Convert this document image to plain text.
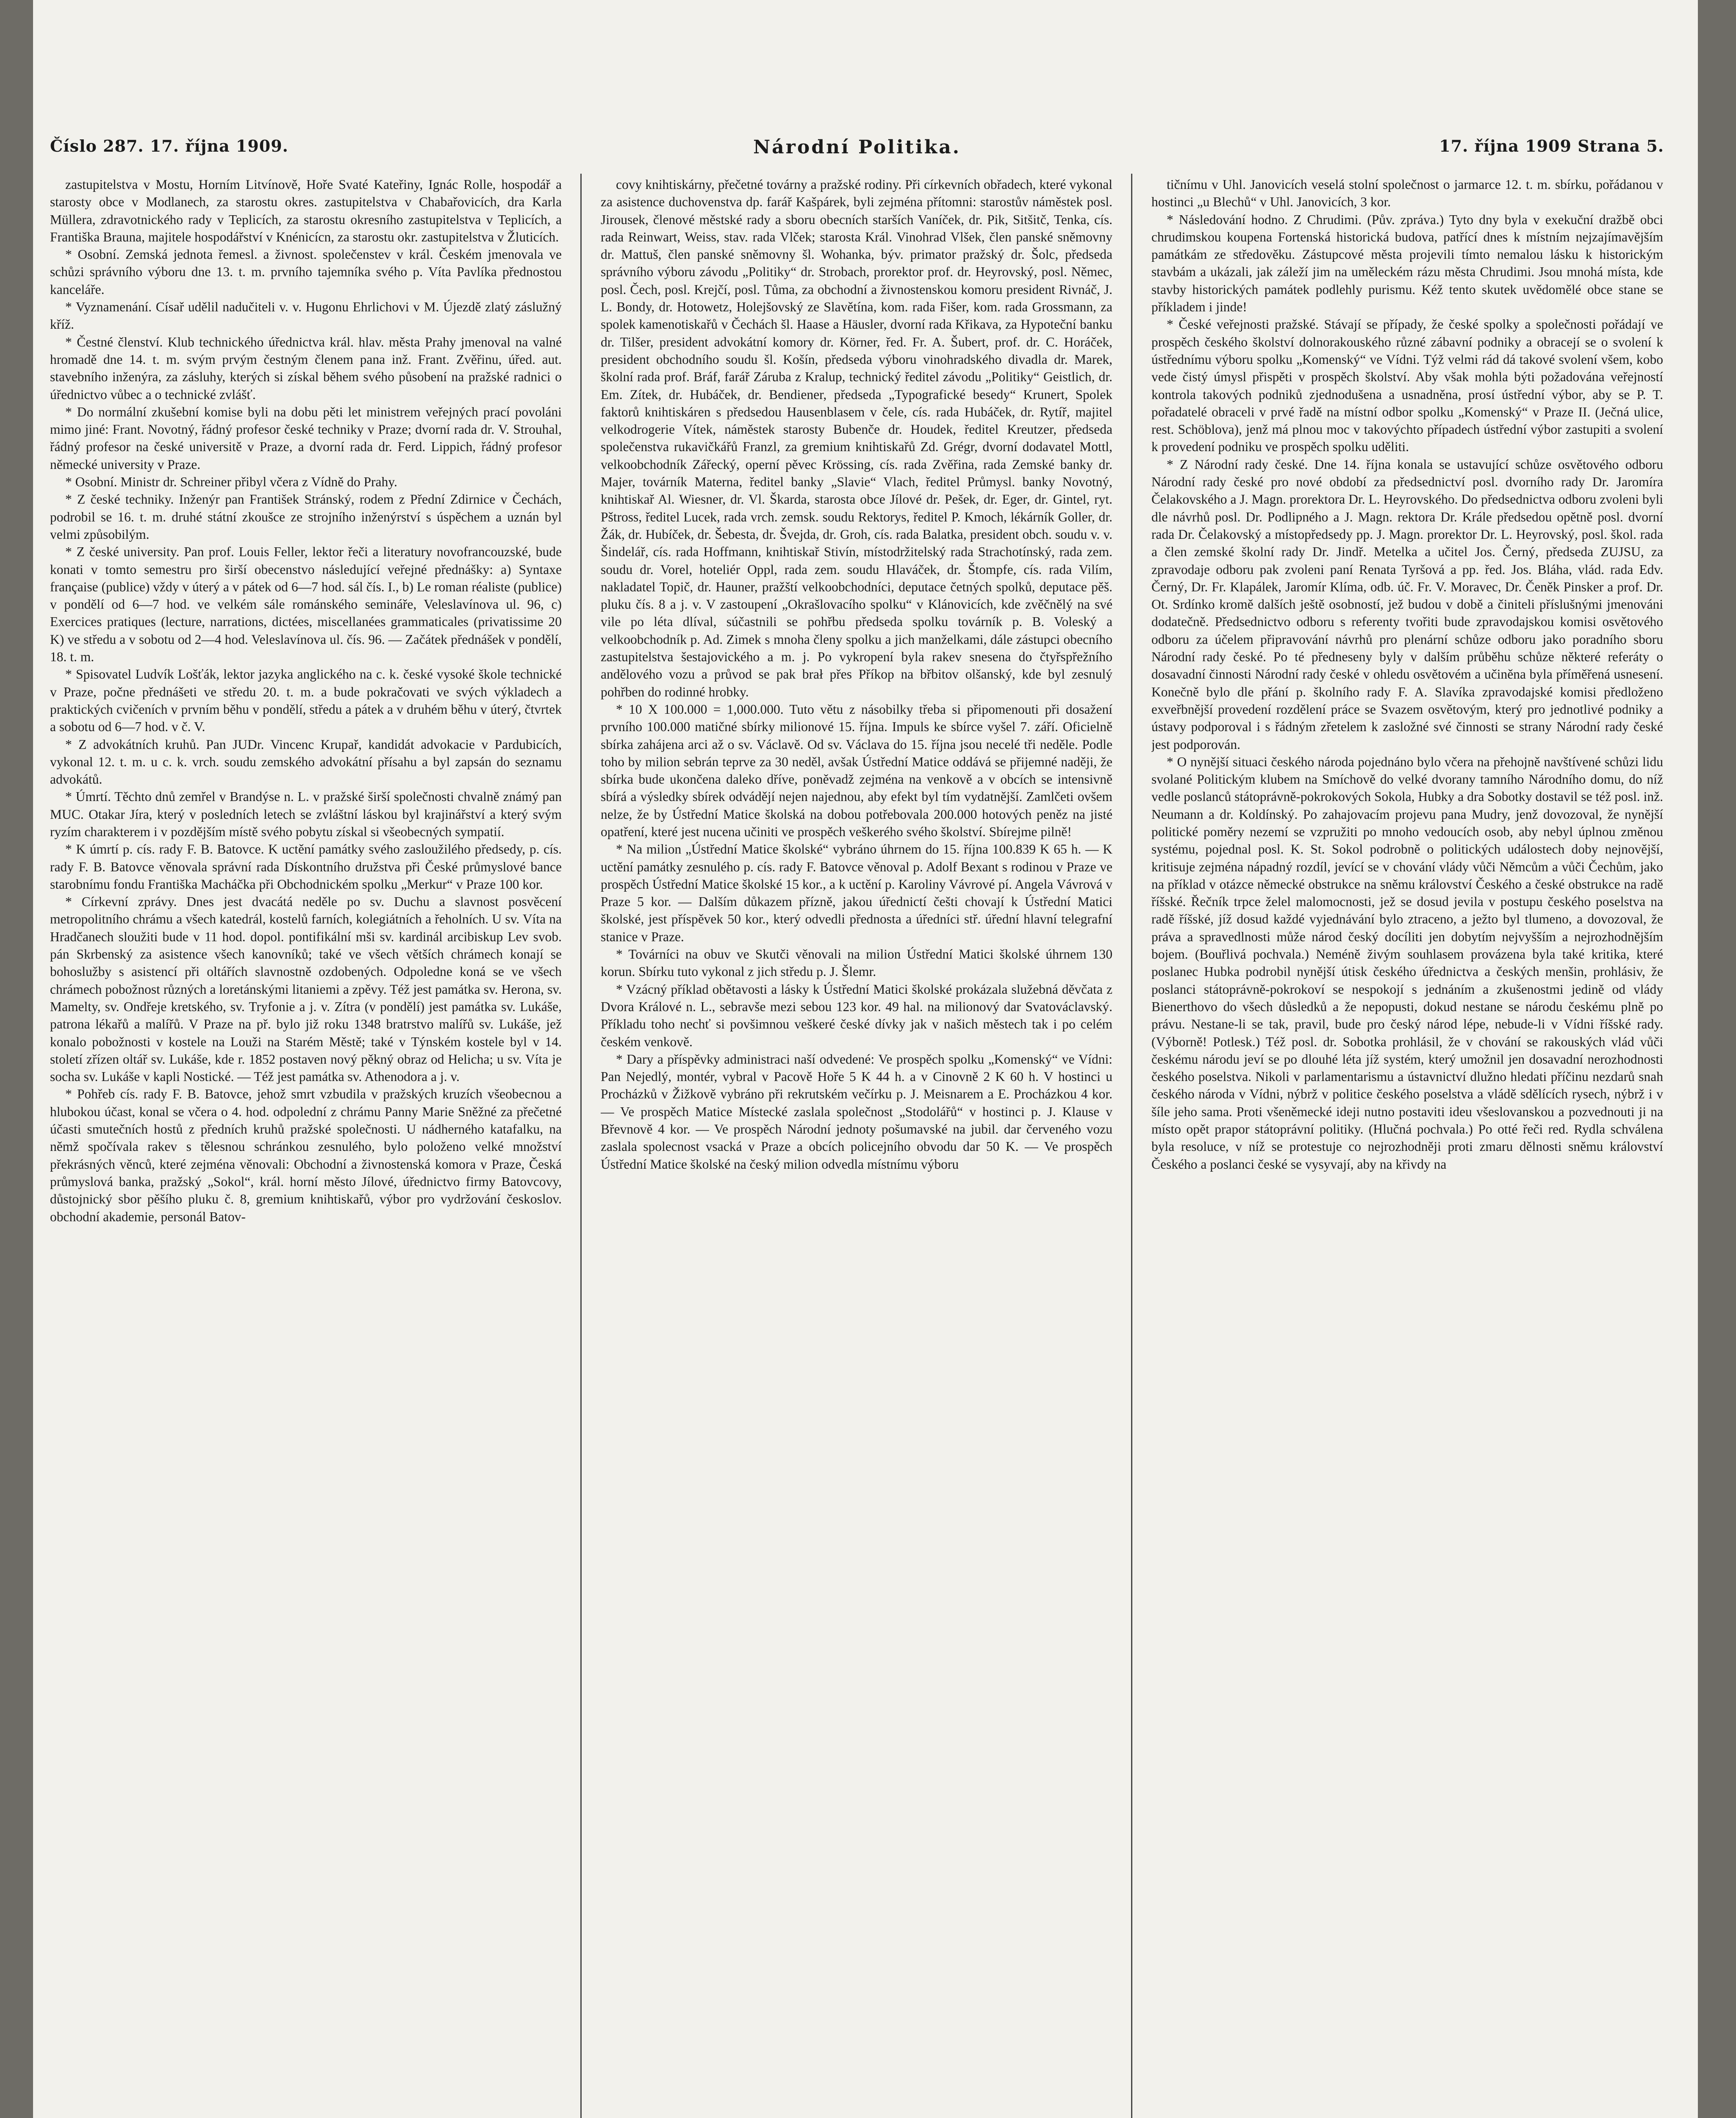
Číslo 287. 17. října 1909.	Národní Politika.	17. října 1909 Strana 5.

zastupitelstva v Mostu, Horním Litvínově, Hoře Svaté Kateřiny, Ignác Rolle, hospodář a starosty obce v Modlanech, za starostu okres. zastupitelstva v Chabařovicích, dra Karla Müllera, zdravotnického rady v Teplicích, za starostu okresního zastupitelstva v Teplicích, a Františka Brauna, majitele hospodářství v Knénicícn, za starostu okr. zastupitelstva v Žluticích.

* Osobní. Zemská jednota řemesl. a živnost. společenstev v král. Českém jmenovala ve schůzi správního výboru dne 13. t. m. prvního tajemníka svého p. Víta Pavlíka přednostou kanceláře.

* Vyznamenání. Císař udělil nadučiteli v. v. Hugonu Ehrlichovi v M. Újezdě zlatý záslužný kříž.

* Čestné členství. Klub technického úřednictva král. hlav. města Prahy jmenoval na valné hromadě dne 14. t. m. svým prvým čestným členem pana inž. Frant. Zvěřinu, úřed. aut. stavebního inženýra, za zásluhy, kterých si získal během svého působení na pražské radnici o úřednictvo vůbec a o technické zvlášť.

* Do normální zkušební komise byli na dobu pěti let ministrem veřejných prací povoláni mimo jiné: Frant. Novotný, řádný profesor české techniky v Praze; dvorní rada dr. V. Strouhal, řádný profesor na české universitě v Praze, a dvorní rada dr. Ferd. Lippich, řádný profesor německé university v Praze.

* Osobní. Ministr dr. Schreiner přibyl včera z Vídně do Prahy.

* Z české techniky. Inženýr pan František Stránský, rodem z Přední Zdirnice v Čechách, podrobil se 16. t. m. druhé státní zkoušce ze strojního inženýrství s úspěchem a uznán byl velmi způsobilým.

* Z české university. Pan prof. Louis Feller, lektor řeči a literatury novofrancouzské, bude konati v tomto semestru pro širší obecenstvo následující veřejné přednášky: a) Syntaxe française (publice) vždy v úterý a v pátek od 6—7 hod. sál čís. I., b) Le roman réaliste (publice) v pondělí od 6—7 hod. ve velkém sále románského semináře, Veleslavínova ul. 96, c) Exercices pratiques (lecture, narrations, dictées, miscellanées grammaticales (privatissime 20 K) ve středu a v sobotu od 2—4 hod. Veleslavínova ul. čís. 96. — Začátek přednášek v pondělí, 18. t. m.

* Spisovatel Ludvík Lošťák, lektor jazyka anglického na c. k. české vysoké škole technické v Praze, počne přednášeti ve středu 20. t. m. a bude pokračovati ve svých výkladech a praktických cvičeních v prvním běhu v pondělí, středu a pátek a v druhém běhu v úterý, čtvrtek a sobotu od 6—7 hod. v č. V.

* Z advokátních kruhů. Pan JUDr. Vincenc Krupař, kandidát advokacie v Pardubicích, vykonal 12. t. m. u c. k. vrch. soudu zemského advokátní přísahu a byl zapsán do seznamu advokátů.

* Úmrtí. Těchto dnů zemřel v Brandýse n. L. v pražské širší společnosti chvalně známý pan MUC. Otakar Jíra, který v posledních letech se zvláštní láskou byl krajinářství a který svým ryzím charakterem i v pozdějším místě svého pobytu získal si všeobecných sympatií.

* K úmrtí p. cís. rady F. B. Batovce. K uctění památky svého zasloužilého předsedy, p. cís. rady F. B. Batovce věnovala správní rada Dískontního družstva při České průmyslové bance starobnímu fondu Františka Macháčka při Obchodnickém spolku „Merkur“ v Praze 100 kor.

* Církevní zprávy. Dnes jest dvacátá neděle po sv. Duchu a slavnost posvěcení metropolitního chrámu a všech katedrál, kostelů farních, kolegiátních a řeholních. U sv. Víta na Hradčanech sloužiti bude v 11 hod. dopol. pontifikální mši sv. kardinál arcibiskup Lev svob. pán Skrbenský za asistence všech kanovníků; také ve všech větších chrámech konají se bohoslužby s asistencí při oltářích slavnostně ozdobených. Odpoledne koná se ve všech chrámech pobožnost různých a loretánskými litaniemi a zpěvy. Též jest památka sv. Herona, sv. Mamelty, sv. Ondřeje kretského, sv. Tryfonie a j. v. Zítra (v pondělí) jest památka sv. Lukáše, patrona lékařů a malířů. V Praze na př. bylo již roku 1348 bratrstvo malířů sv. Lukáše, jež konalo pobožnosti v kostele na Louži na Starém Městě; také v Týnském kostele byl v 14. století zřízen oltář sv. Lukáše, kde r. 1852 postaven nový pěkný obraz od Helicha; u sv. Víta je socha sv. Lukáše v kapli Nostické. — Též jest památka sv. Athenodora a j. v.

* Pohřeb cís. rady F. B. Batovce, jehož smrt vzbudila v pražských kruzích všeobecnou a hlubokou účast, konal se včera o 4. hod. odpolední z chrámu Panny Marie Sněžné za přečetné účasti smutečních hostů z předních kruhů pražské společnosti. U nádherného katafalku, na němž spočívala rakev s tělesnou schránkou zesnulého, bylo položeno velké množství překrásných věnců, které zejména věnovali: Obchodní a živnostenská komora v Praze, Česká průmyslová banka, pražský „Sokol“, král. horní město Jílové, úřednictvo firmy Batovcovy, důstojnický sbor pěšího pluku č. 8, gremium knihtiskařů, výbor pro vydržování českoslov. obchodní akademie, personál Batov-

covy knihtiskárny, přečetné továrny a pražské rodiny. Při církevních obřadech, které vykonal za asistence duchovenstva dp. farář Kašpárek, byli zejména přítomni: starostův náměstek posl. Jirousek, členové městské rady a sboru obecních starších Vaníček, dr. Pik, Sitšitč, Tenka, cís. rada Reinwart, Weiss, stav. rada Vlček; starosta Král. Vinohrad Vlšek, člen panské sněmovny dr. Mattuš, člen panské sněmovny šl. Wohanka, býv. primator pražský dr. Šolc, předseda správního výboru závodu „Politiky“ dr. Strobach, prorektor prof. dr. Heyrovský, posl. Němec, posl. Čech, posl. Krejčí, posl. Tůma, za obchodní a živnostenskou komoru president Rivnáč, J. L. Bondy, dr. Hotowetz, Holejšovský ze Slavětína, kom. rada Fišer, kom. rada Grossmann, za spolek kamenotiskařů v Čechách šl. Haase a Häusler, dvorní rada Křikava, za Hypoteční banku dr. Tilšer, president advokátní komory dr. Körner, řed. Fr. A. Šubert, prof. dr. C. Horáček, president obchodního soudu šl. Košín, předseda výboru vinohradského divadla dr. Marek, školní rada prof. Bráf, farář Záruba z Kralup, technický ředitel závodu „Politiky“ Geistlich, dr. Em. Zítek, dr. Hubáček, dr. Bendiener, předseda „Typografické besedy“ Krunert, Spolek faktorů knihtiskáren s předsedou Hausenblasem v čele, cís. rada Hubáček, dr. Rytíř, majitel velkodrogerie Vítek, náměstek starosty Bubenče dr. Houdek, ředitel Kreutzer, předseda společenstva rukavičkářů Franzl, za gremium knihtiskařů Zd. Grégr, dvorní dodavatel Mottl, velkoobchodník Zářecký, operní pěvec Krössing, cís. rada Zvěřina, rada Zemské banky dr. Majer, továrník Materna, ředitel banky „Slavie“ Vlach, ředitel Průmysl. banky Novotný, knihtiskař Al. Wiesner, dr. Vl. Škarda, starosta obce Jílové dr. Pešek, dr. Eger, dr. Gintel, ryt. Pštross, ředitel Lucek, rada vrch. zemsk. soudu Rektorys, ředitel P. Kmoch, lékárník Goller, dr. Žák, dr. Hubíček, dr. Šebesta, dr. Švejda, dr. Groh, cís. rada Balatka, president obch. soudu v. v. Šindelář, cís. rada Hoffmann, knihtiskař Stivín, místodržitelský rada Strachotínský, rada zem. soudu dr. Vorel, hoteliér Oppl, rada zem. soudu Hlaváček, dr. Štompfe, cís. rada Vilím, nakladatel Topič, dr. Hauner, pražští velkoobchodníci, deputace četných spolků, deputace pěš. pluku čís. 8 a j. v. V zastoupení „Okrašlovacího spolku“ v Klánovicích, kde zvěčnělý na své vile po léta dlíval, súčastnili se pohřbu předseda spolku továrník p. B. Voleský a velkoobchodník p. Ad. Zimek s mnoha členy spolku a jich manželkami, dále zástupci obecního zastupitelstva šestajovického a m. j. Po vykropení byla rakev snesena do čtyřspřežního andělového vozu a průvod se pak brał přes Příkop na břbitov olšanský, kde byl zesnulý pohřben do rodinné hrobky.

* 10 X 100.000 = 1,000.000. Tuto větu z násobilky třeba si připomenouti při dosažení prvního 100.000 matičné sbírky milionové 15. října. Impuls ke sbírce vyšel 7. září. Oficielně sbírka zahájena arci až o sv. Václavě. Od sv. Václava do 15. října jsou necelé tři neděle. Podle toho by milion sebrán teprve za 30 neděl, avšak Ústřední Matice oddává se přijemné naději, že sbírka bude ukončena daleko dříve, poněvadž zejména na venkově a v obcích se intensivně sbírá a výsledky sbírek odvádějí nejen najednou, aby efekt byl tím vydatnější. Zamlčeti ovšem nelze, že by Ústřední Matice školská na dobou potřebovala 200.000 hotových peněz na jisté opatření, které jest nucena učiniti ve prospěch veškerého svého školství. Sbírejme pilně!

* Na milion „Ústřední Matice školské“ vybráno úhrnem do 15. října 100.839 K 65 h. — K uctění památky zesnulého p. cís. rady F. Batovce věnoval p. Adolf Bexant s rodinou v Praze ve prospěch Ústřední Matice školské 15 kor., a k uctění p. Karoliny Vávrové pí. Angela Vávrová v Praze 5 kor. — Dalším důkazem přízně, jakou úřednictí češti chovají k Ústřední Matici školské, jest příspěvek 50 kor., který odvedli přednosta a úředníci stř. úřední hlavní telegrafní stanice v Praze.

* Továrníci na obuv ve Skutči věnovali na milion Ústřední Matici školské úhrnem 130 korun. Sbírku tuto vykonal z jich středu p. J. Šlemr.

* Vzácný příklad obětavosti a lásky k Ústřední Matici školské prokázala služebná děvčata z Dvora Králové n. L., sebravše mezi sebou 123 kor. 49 hal. na milionový dar Svatováclavský. Příkladu toho nechť si povšimnou veškeré české dívky jak v našich městech tak i po celém českém venkově.

* Dary a příspěvky administraci naší odvedené: Ve prospěch spolku „Komenský“ ve Vídni: Pan Nejedlý, montér, vybral v Pacově Hoře 5 K 44 h. a v Cinovně 2 K 60 h. V hostinci u Procházků v Žižkově vybráno při rekrutském večírku p. J. Meisnarem a E. Procházkou 4 kor. — Ve prospěch Matice Místecké zaslala společnost „Stodolářů“ v hostinci p. J. Klause v Břevnově 4 kor. — Ve prospěch Národní jednoty pošumavské na jubil. dar červeného vozu zaslala spolecnost vsacká v Praze a obcích policejního obvodu dar 50 K. — Ve prospěch Ústřední Matice školské na český milion odvedla místnímu výboru

tičnímu v Uhl. Janovicích veselá stolní společnost o jarmarce 12. t. m. sbírku, pořádanou v hostinci „u Blechů“ v Uhl. Janovicích, 3 kor.

* Následování hodno. Z Chrudimi. (Pův. zpráva.) Tyto dny byla v exekuční dražbě obci chrudimskou koupena Fortenská historická budova, patřící dnes k místním nejzajímavějším památkám ze středověku. Zástupcové města projevili tímto nemalou lásku k historickým stavbám a ukázali, jak záleží jim na uměleckém rázu města Chrudimi. Jsou mnohá místa, kde stavby historických památek podlehly purismu. Kéž tento skutek uvědomělé obce stane se příkladem i jinde!

* České veřejnosti pražské. Stávají se případy, že české spolky a společnosti pořádají ve prospěch českého školství dolnorakouského různé zábavní podniky a obracejí se o svolení k ústřednímu výboru spolku „Komenský“ ve Vídni. Týž velmi rád dá takové svolení všem, kobo vede čistý úmysl přispěti v prospěch školství. Aby však mohla býti požadována veřejností kontrola takových podniků zjednodušena a usnadněna, prosí ústřední výbor, aby se P. T. pořadatelé obraceli v prvé řadě na místní odbor spolku „Komenský“ v Praze II. (Ječná ulice, rest. Schöblova), jenž má plnou moc v takovýchto případech ústřední výbor zastupiti a svolení k provedení podniku ve prospěch spolku uděliti.

* Z Národní rady české. Dne 14. října konala se ustavující schůze osvětového odboru Národní rady české pro nové období za předsednictví posl. dvorního rady Dr. Jaromíra Čelakovského a J. Magn. prorektora Dr. L. Heyrovského. Do předsednictva odboru zvoleni byli dle návrhů posl. Dr. Podlipného a J. Magn. rektora Dr. Krále předsedou opětně posl. dvorní rada Dr. Čelakovský a místopředsedy pp. J. Magn. prorektor Dr. L. Heyrovský, posl. škol. rada a člen zemské školní rady Dr. Jindř. Metelka a učitel Jos. Černý, předseda ZUJSU, za zpravodaje odboru pak zvoleni paní Renata Tyršová a pp. řed. Jos. Bláha, vlád. rada Edv. Černý, Dr. Fr. Klapálek, Jaromír Klíma, odb. úč. Fr. V. Moravec, Dr. Čeněk Pinsker a prof. Dr. Ot. Srdínko kromě dalších ještě osobností, jež budou v době a činiteli příslušnými jmenováni dodatečně. Předsednictvo odboru s referenty tvořiti bude zpravodajskou komisi osvětového odboru za účelem připravování návrhů pro plenární schůze odboru jako poradního sboru Národní rady české. Po té předneseny byly v dalším průběhu schůze některé referáty o dosavadní činnosti Národní rady české v ohledu osvětovém a učiněna byla příměřená usnesení. Konečně bylo dle přání p. školního rady F. A. Slavíka zpravodajské komisi předloženo exveřbnější provedení rozdělení práce se Svazem osvětovým, který pro jednotlivé podniky a ústavy podporoval i s řádným zřetelem k zasložné své činnosti se strany Národní rady české jest podporován.

* O nynější situaci českého národa pojednáno bylo včera na přehojně navštívené schůzi lidu svolané Politickým klubem na Smíchově do velké dvorany tamního Národního domu, do níž vedle poslanců státoprávně-pokrokových Sokola, Hubky a dra Sobotky dostavil se též posl. inž. Neumann a dr. Koldínský. Po zahajovacím projevu pana Mudry, jenž dovozoval, že nynější politické poměry nezemí se vzpružiti po mnoho vedoucích osob, aby nebyl úplnou změnou systému, pojednal posl. K. St. Sokol podrobně o politických událostech doby nejnovější, kritisuje zejména nápadný rozdíl, jevící se v chování vlády vůči Němcům a vůči Čechům, jako na příklad v otázce německé obstrukce na sněmu království Českého a české obstrukce na radě říšské. Řečník trpce želel malomocnosti, jež se dosud jevila v postupu českého poselstva na radě říšské, jíž dosud každé vyjednávání bylo ztraceno, a ježto byl tlumeno, a dovozoval, že práva a spravedlnosti může národ český docíliti jen dobytím nejvyšším a nejrozhodnějším bojem. (Bouřlivá pochvala.) Neméně živým souhlasem provázena byla také kritika, které poslanec Hubka podrobil nynější útisk českého úřednictva a českých menšin, prohlásiv, že poslanci státoprávně-pokrokoví se nespokojí s jednáním a zkušenostmi jedině od vlády Bienerthovo do všech důsledků a že nepopusti, dokud nestane se národu českému plně po právu. Nestane-li se tak, pravil, bude pro český národ lépe, nebude-li v Vídni říšské rady. (Výborně! Potlesk.) Též posl. dr. Sobotka prohlásil, že v chování se rakouských vlád vůči českému národu jeví se po dlouhé léta jíž systém, který umožnil jen dosavadní nerozhodnosti českého poselstva. Nikoli v parlamentarismu a ústavnictví dlužno hledati příčinu nezdarů snah českého národa v Vídni, nýbrž v politice českého poselstva a vládě sdělících rysech, nýbrž i v šíle jeho sama. Proti všeněmecké ideji nutno postaviti ideu všeslovanskou a pozvednouti ji na místo opět prapor státoprávní politiky. (Hlučná pochvala.) Po otté řeči red. Rydla schválena byla resoluce, v níž se protestuje co nejrozhodněji proti zmaru dělnosti sněmu království Českého a poslanci české se vysyvají, aby na křivdy na
